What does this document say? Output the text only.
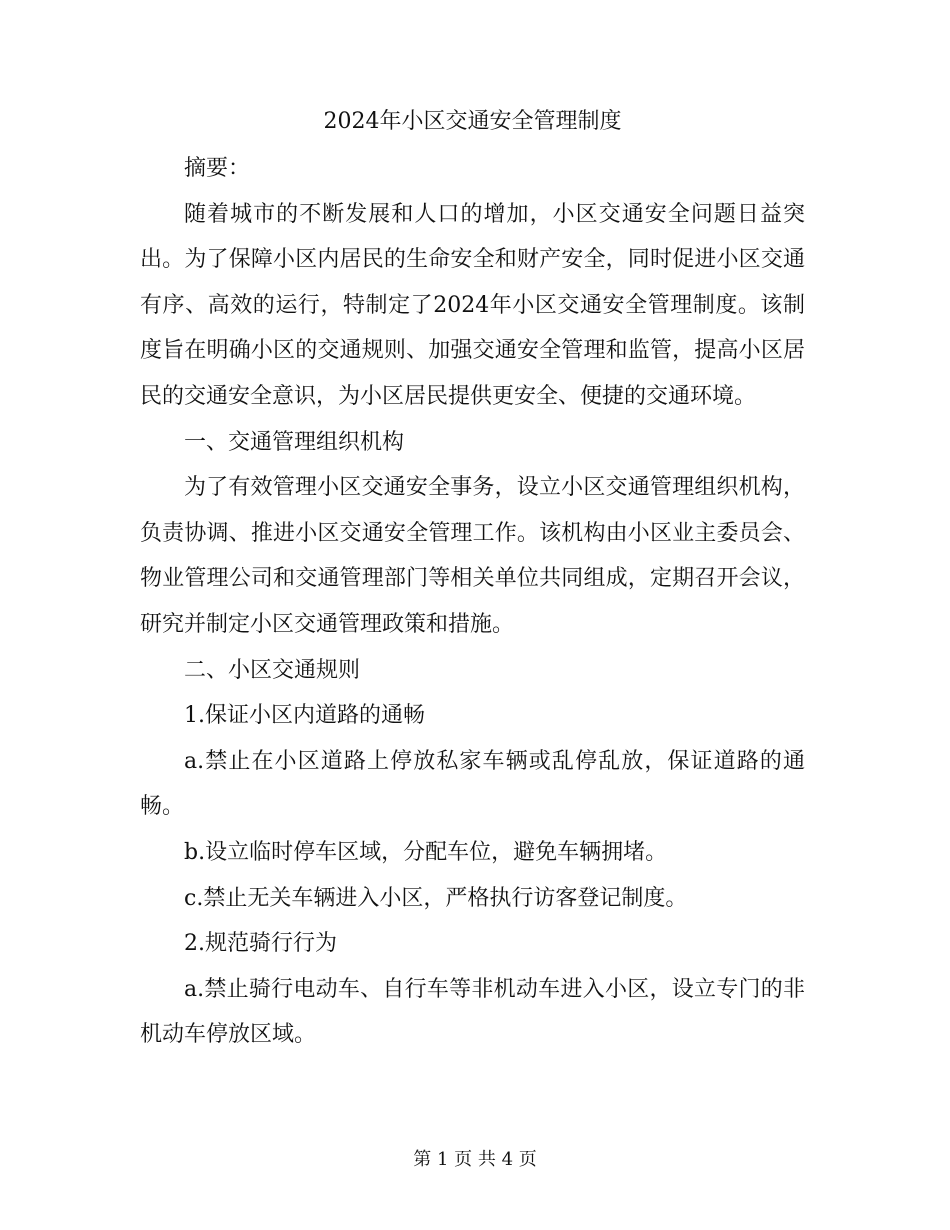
2024年小区交通安全管理制度

摘要：

随着城市的不断发展和人口的增加，小区交通安全问题日益突出。为了保障小区内居民的生命安全和财产安全，同时促进小区交通有序、高效的运行，特制定了2024年小区交通安全管理制度。该制度旨在明确小区的交通规则、加强交通安全管理和监管，提高小区居民的交通安全意识，为小区居民提供更安全、便捷的交通环境。

一、交通管理组织机构

为了有效管理小区交通安全事务，设立小区交通管理组织机构，负责协调、推进小区交通安全管理工作。该机构由小区业主委员会、物业管理公司和交通管理部门等相关单位共同组成，定期召开会议，研究并制定小区交通管理政策和措施。

二、小区交通规则

1.保证小区内道路的通畅

a.禁止在小区道路上停放私家车辆或乱停乱放，保证道路的通畅。

b.设立临时停车区域，分配车位，避免车辆拥堵。

c.禁止无关车辆进入小区，严格执行访客登记制度。

2.规范骑行行为

a.禁止骑行电动车、自行车等非机动车进入小区，设立专门的非机动车停放区域。

第 1 页 共 4 页
